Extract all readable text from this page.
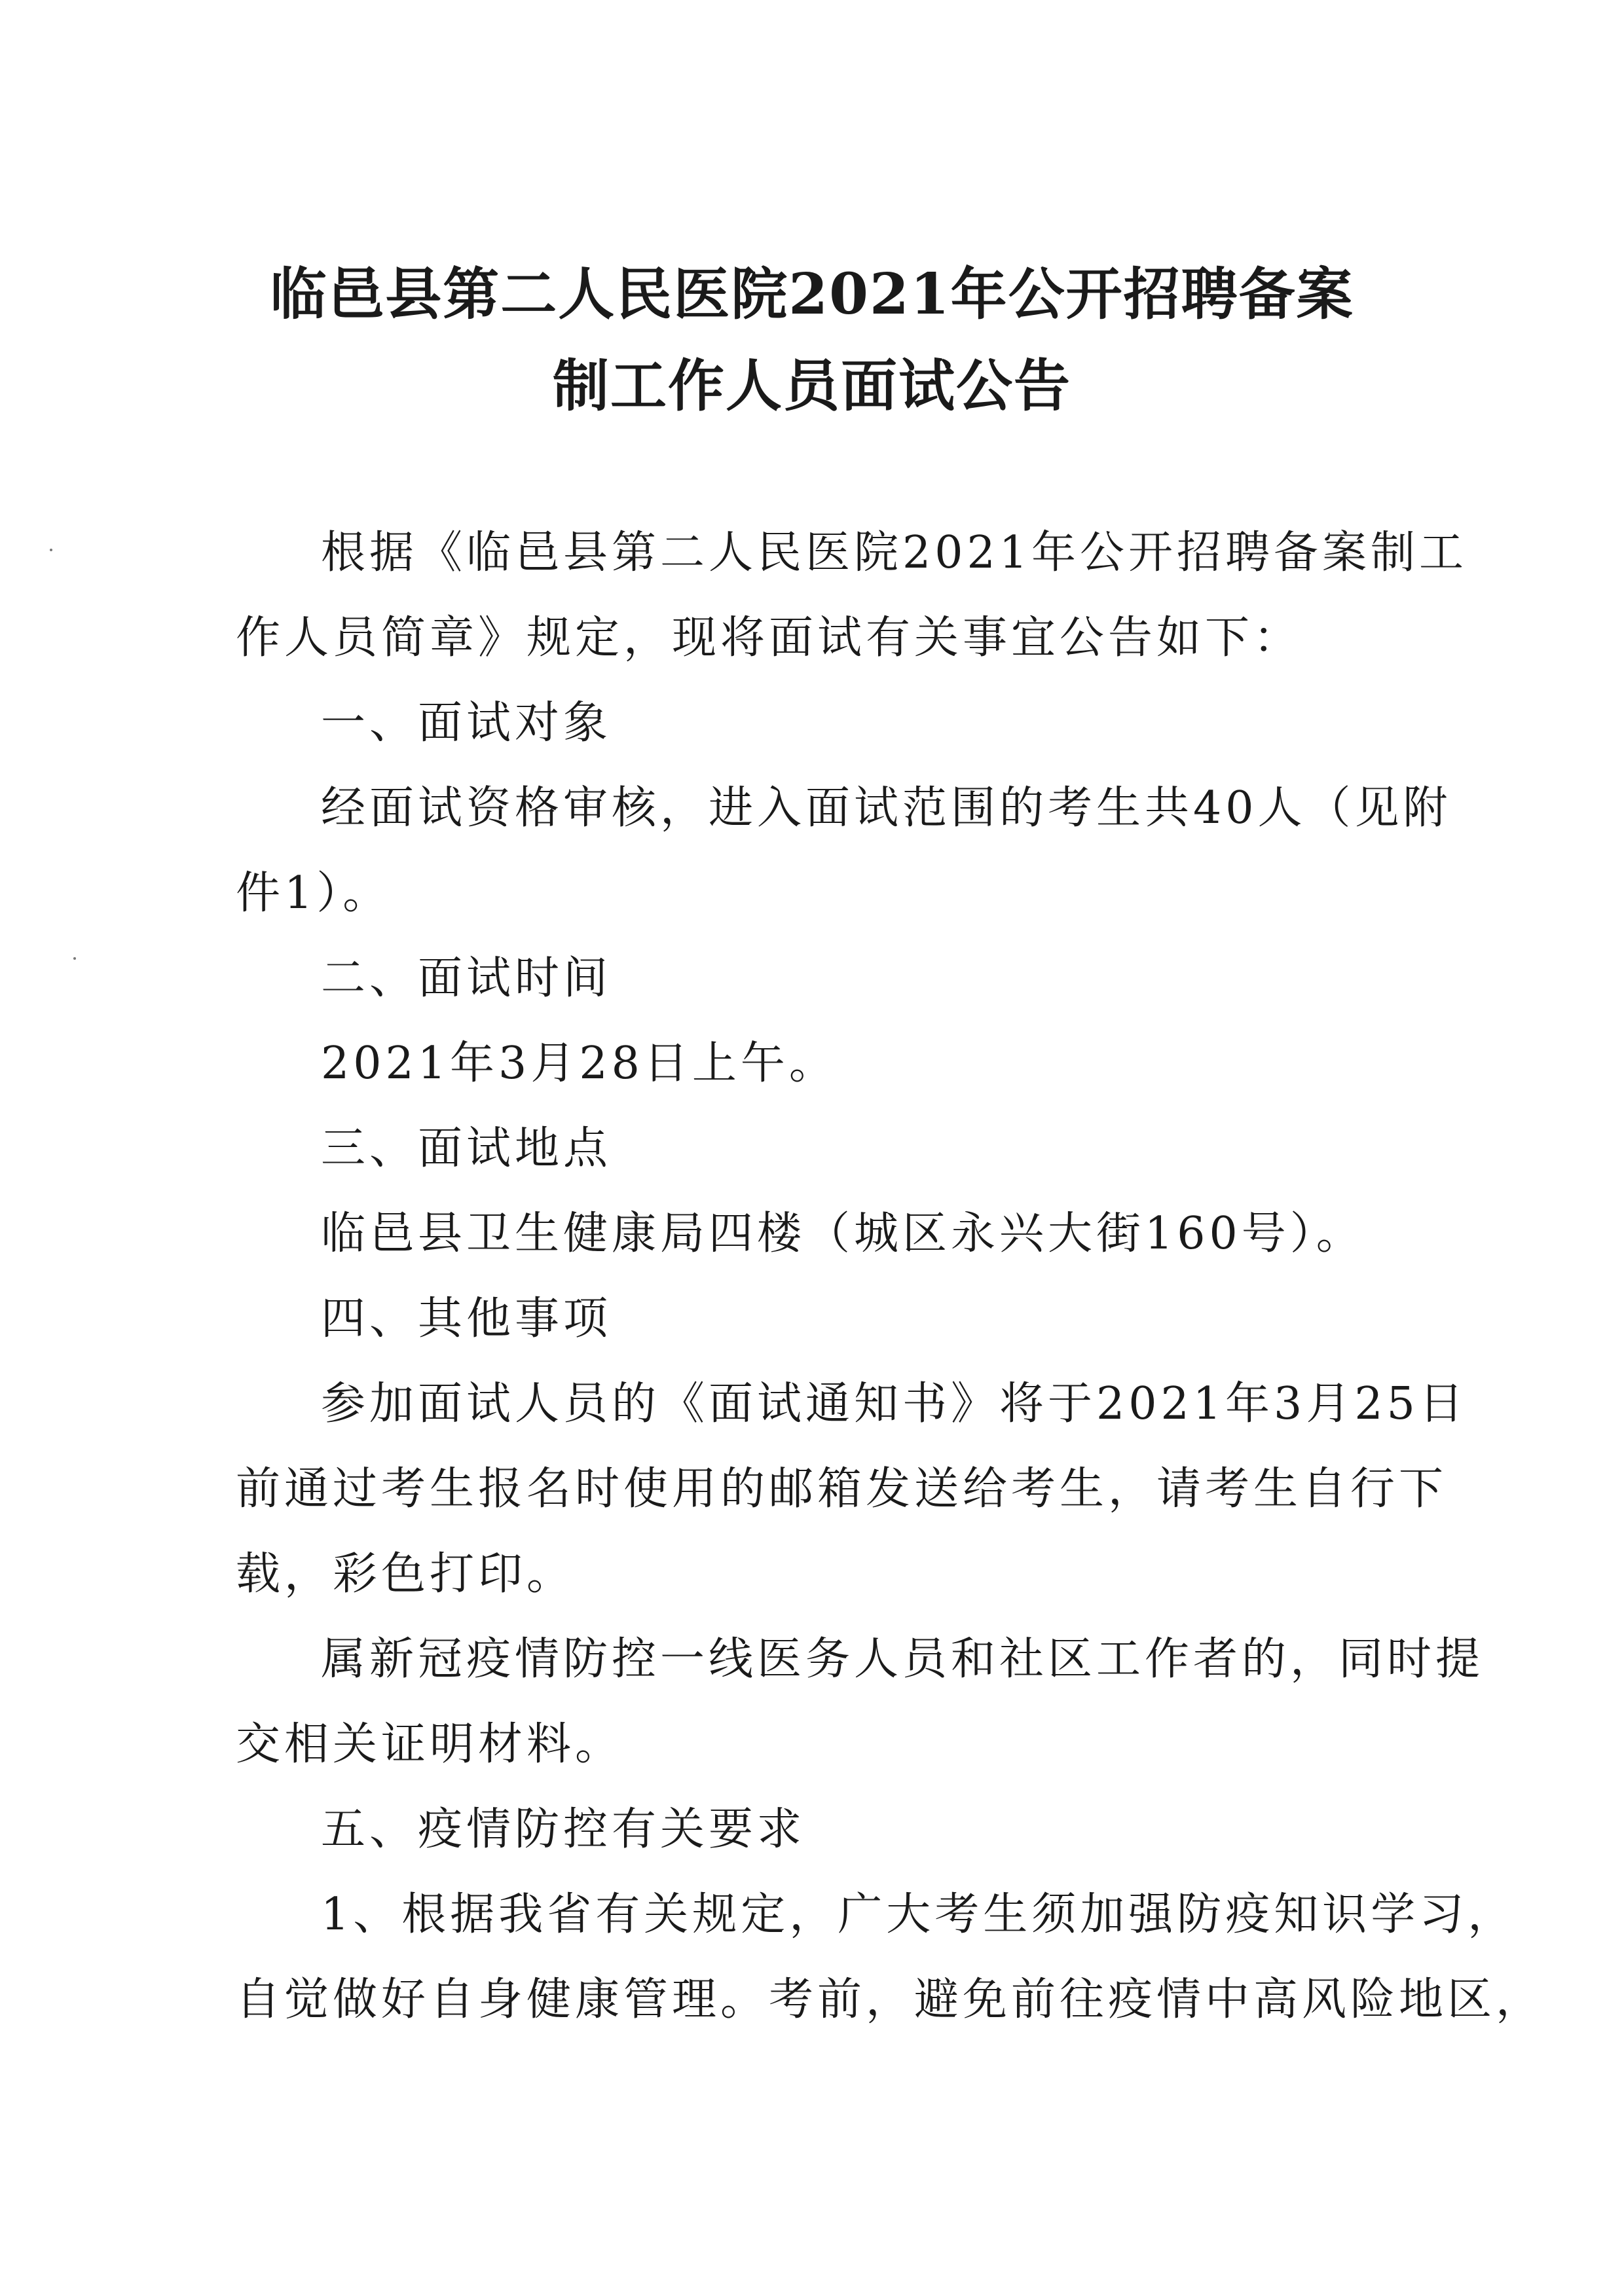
临邑县第二人民医院2021年公开招聘备案
制工作人员面试公告
根据《临邑县第二人民医院2021年公开招聘备案制工
作人员简章》规定，现将面试有关事宜公告如下：
一、面试对象
经面试资格审核，进入面试范围的考生共40人（见附
件1）。
二、面试时间
2021年3月28日上午。
三、面试地点
临邑县卫生健康局四楼（城区永兴大街160号）。
四、其他事项
参加面试人员的《面试通知书》将于2021年3月25日
前通过考生报名时使用的邮箱发送给考生，请考生自行下
载，彩色打印。
属新冠疫情防控一线医务人员和社区工作者的，同时提
交相关证明材料。
五、疫情防控有关要求
1、根据我省有关规定，广大考生须加强防疫知识学习，
自觉做好自身健康管理。考前，避免前往疫情中高风险地区，
